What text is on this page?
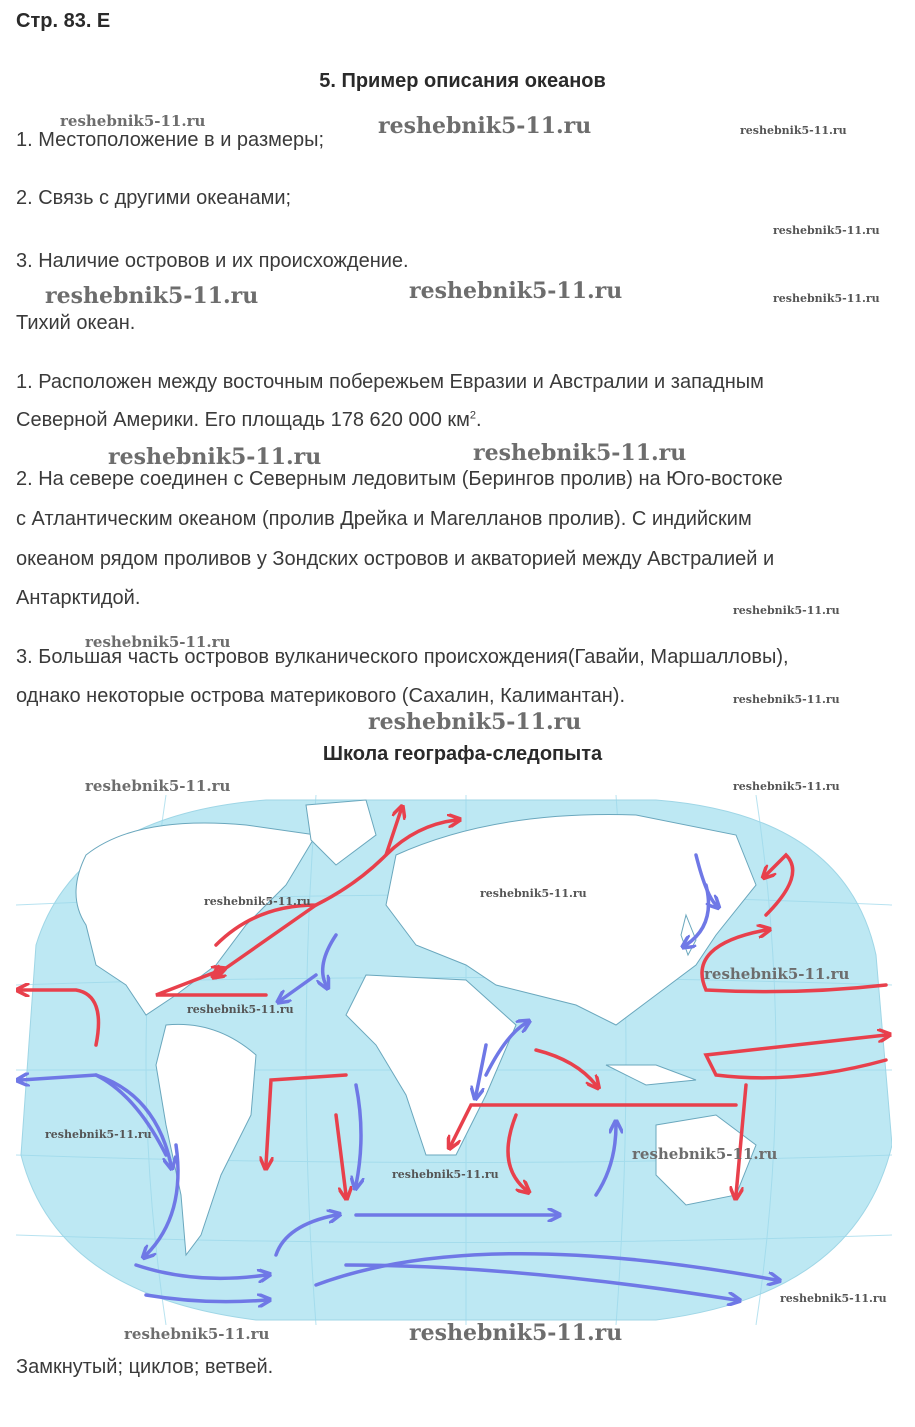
Стр. 83. Е
5. Пример описания океанов
1. Местоположение в и размеры;
2. Связь с другими океанами;
3. Наличие островов и их происхождение.
Тихий океан.
1. Расположен между восточным побережьем Евразии и Австралии и западным
Северной Америки. Его площадь 178 620 000 $км^2$.
2. На севере соединен с Северным ледовитым (Берингов пролив) на Юго-востоке
с Атлантическим океаном (пролив Дрейка и Магелланов пролив). С индийским
океаном рядом проливов у Зондских островов и акваторией между Австралией и
Антарктидой.
3. Большая часть островов вулканического происхождения(Гавайи, Маршалловы),
однако некоторые острова материкового (Сахалин, Калимантан).
Школа географа-следопыта
Замкнутый; циклов; ветвей.
reshebnik5-11.ru	reshebnik5-11.ru	reshebnik5-11.ru
reshebnik5-11.ru
reshebnik5-11.ru	reshebnik5-11.ru	reshebnik5-11.ru
reshebnik5-11.ru	reshebnik5-11.ru
reshebnik5-11.ru
reshebnik5-11.ru
reshebnik5-11.ru
reshebnik5-11.ru
reshebnik5-11.ru	reshebnik5-11.ru
reshebnik5-11.ru
reshebnik5-11.ru
reshebnik5-11.ru
reshebnik5-11.ru
reshebnik5-11.ru
reshebnik5-11.ru
reshebnik5-11.ru
reshebnik5-11.ru
reshebnik5-11.ru	reshebnik5-11.ru
